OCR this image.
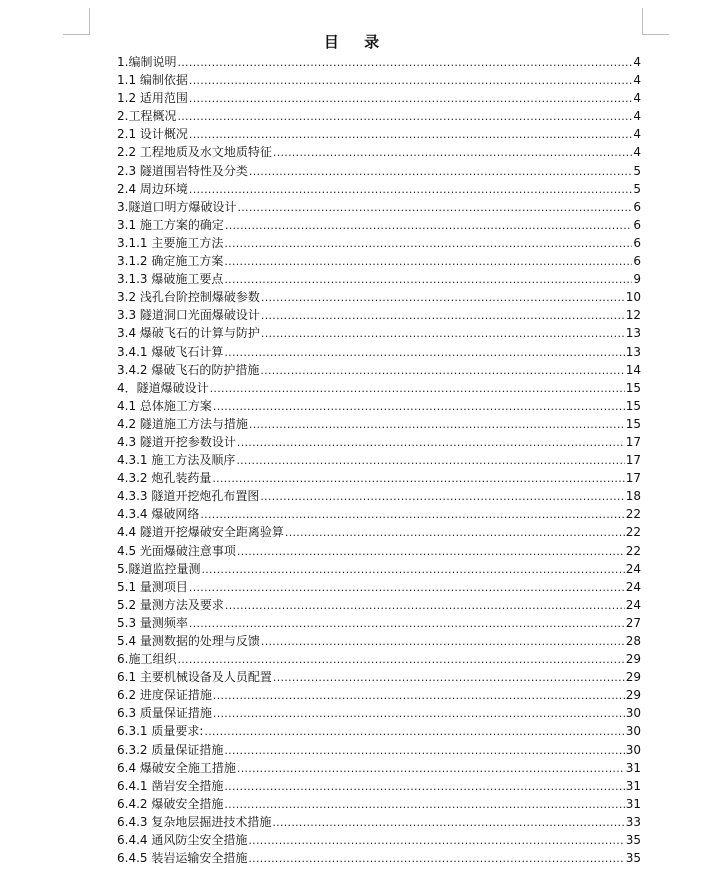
目 录
1.编制说明 . . .	4
1.1 编制依据 . . .	4
1.2 适用范围 . . .	4
2.工程概况 . . .	4
2.1 设计概况 . . .	4
2.2 工程地质及水文地质特征 . . .	4
2.3 隧道围岩特性及分类 . . .	5
2.4 周边环境 . . .	5
3.隧道口明方爆破设计 . . .	6
3.1 施工方案的确定 . . .	6
3.1.1 主要施工方法 . . .	6
3.1.2 确定施工方案 . . .	6
3.1.3 爆破施工要点 . . .	9
3.2 浅孔台阶控制爆破参数 . . .	10
3.3 隧道洞口光面爆破设计 . . .	12
3.4 爆破飞石的计算与防护 . . .	13
3.4.1 爆破飞石计算 . . .	13
3.4.2 爆破飞石的防护措施 . . .	14
4．隧道爆破设计 . . .	15
4.1 总体施工方案 . . .	15
4.2 隧道施工方法与措施 . . .	15
4.3 隧道开挖参数设计 . . .	17
4.3.1 施工方法及顺序 . . .	17
4.3.2 炮孔装药量 . . .	17
4.3.3 隧道开挖炮孔布置图 . . .	18
4.3.4 爆破网络 . . .	22
4.4 隧道开挖爆破安全距离验算 . . .	22
4.5 光面爆破注意事项 . . .	22
5.隧道监控量测 . . .	24
5.1 量测项目 . . .	24
5.2 量测方法及要求 . . .	24
5.3 量测频率 . . .	27
5.4 量测数据的处理与反馈 . . .	28
6.施工组织 . . .	29
6.1 主要机械设备及人员配置 . . .	29
6.2 进度保证措施 . . .	29
6.3 质量保证措施 . . .	30
6.3.1 质量要求: . . .	30
6.3.2 质量保证措施 . . .	30
6.4 爆破安全施工措施 . . .	31
6.4.1 凿岩安全措施 . . .	31
6.4.2 爆破安全措施 . . .	31
6.4.3 复杂地层掘进技术措施 . . .	33
6.4.4 通风防尘安全措施 . . .	35
6.4.5 装岩运输安全措施 . . .	35
